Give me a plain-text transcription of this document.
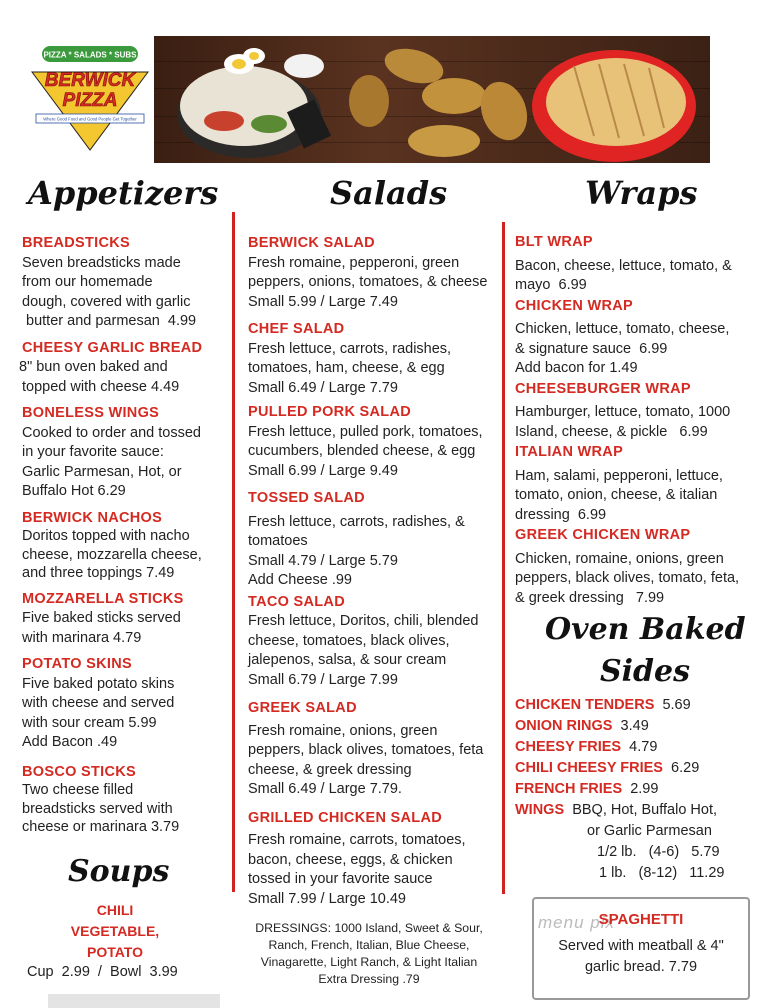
PIZZA * SALADS * SUBS
BERWICK
PIZZA
Where Good Food and Good People Get Together
Appetizers	Salads	Wraps
BREADSTICKS
Seven breadsticks made
from our homemade
dough, covered with garlic
butter and parmesan  4.99
CHEESY GARLIC BREAD
8" bun oven baked and
topped with cheese 4.49
BONELESS WINGS
Cooked to order and tossed
in your favorite sauce:
Garlic Parmesan, Hot, or
Buffalo Hot 6.29
BERWICK NACHOS
Doritos topped with nacho
cheese, mozzarella cheese,
and three toppings 7.49
MOZZARELLA STICKS
Five baked sticks served
with marinara 4.79
POTATO SKINS
Five baked potato skins
with cheese and served
with sour cream 5.99
Add Bacon .49
BOSCO STICKS
Two cheese filled
breadsticks served with
cheese or marinara 3.79
Soups
CHILI
VEGETABLE,
POTATO
Cup  2.99  /  Bowl  3.99
BERWICK SALAD
Fresh romaine, pepperoni, green
peppers, onions, tomatoes, & cheese
Small 5.99 / Large 7.49
CHEF SALAD
Fresh lettuce, carrots, radishes,
tomatoes, ham, cheese, & egg
Small 6.49 / Large 7.79
PULLED PORK SALAD
Fresh lettuce, pulled pork, tomatoes,
cucumbers, blended cheese, & egg
Small 6.99 / Large 9.49
TOSSED SALAD
Fresh lettuce, carrots, radishes, &
tomatoes
Small 4.79 / Large 5.79
Add Cheese .99
TACO SALAD
Fresh lettuce, Doritos, chili, blended
cheese, tomatoes, black olives,
jalepenos, salsa, & sour cream
Small 6.79 / Large 7.99
GREEK SALAD
Fresh romaine, onions, green
peppers, black olives, tomatoes, feta
cheese, & greek dressing
Small 6.49 / Large 7.79.
GRILLED CHICKEN SALAD
Fresh romaine, carrots, tomatoes,
bacon, cheese, eggs, & chicken
tossed in your favorite sauce
Small 7.99 / Large 10.49
DRESSINGS: 1000 Island, Sweet & Sour,
Ranch, French, Italian, Blue Cheese,
Vinagarette, Light Ranch, & Light Italian
Extra Dressing .79
BLT WRAP
Bacon, cheese, lettuce, tomato, &
mayo  6.99
CHICKEN WRAP
Chicken, lettuce, tomato, cheese,
& signature sauce  6.99
Add bacon for 1.49
CHEESEBURGER WRAP
Hamburger, lettuce, tomato, 1000
Island, cheese, & pickle   6.99
ITALIAN WRAP
Ham, salami, pepperoni, lettuce,
tomato, onion, cheese, & italian
dressing  6.99
GREEK CHICKEN WRAP
Chicken, romaine, onions, green
peppers, black olives, tomato, feta,
& greek dressing   7.99
Oven Baked
Sides
CHICKEN TENDERS 5.69
ONION RINGS 3.49
CHEESY FRIES 4.79
CHILI CHEESY FRIES 6.29
FRENCH FRIES 2.99
WINGS BBQ, Hot, Buffalo Hot,
or Garlic Parmesan
1/2 lb.   (4-6)   5.79
1 lb.   (8-12)   11.29
menu pix
SPAGHETTI
Served with meatball & 4"
garlic bread. 7.79
